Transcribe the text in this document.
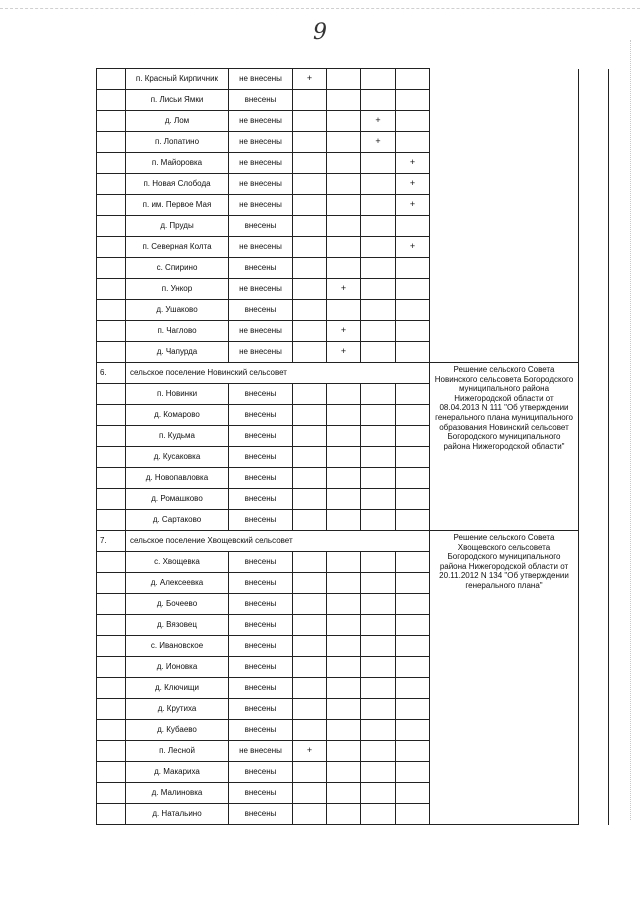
9
	п. Красный Кирпичник	не внесены	+					
	п. Лисьи Ямки	внесены						
	д. Лом	не внесены			+			
	п. Лопатино	не внесены			+			
	п. Майоровка	не внесены				+		
	п. Новая Слобода	не внесены				+		
	п. им. Первое Мая	не внесены				+		
	д. Пруды	внесены						
	п. Северная Колта	не внесены				+		
	с. Спирино	внесены						
	п. Ункор	не внесены		+				
	д. Ушаково	внесены						
	п. Чаглово	не внесены		+				
	д. Чапурда	не внесены		+				
6.	сельское поселение Новинский сельсовет						Решение сельского Совета Новинского сельсовета Богородского муниципального района Нижегородской области от 08.04.2013 N 111 "Об утверждении генерального плана муниципального образования Новинский сельсовет Богородского муниципального района Нижегородской области"	
	п. Новинки	внесены						
	д. Комарово	внесены						
	п. Кудьма	внесены						
	д. Кусаковка	внесены						
	д. Новопавловка	внесены						
	д. Ромашково	внесены						
	д. Сартаково	внесены						
7.	сельское поселение Хвощевский сельсовет						Решение сельского Совета Хвощевского сельсовета Богородского муниципального района Нижегородской области от 20.11.2012 N 134 "Об утверждении генерального плана"	
	с. Хвощевка	внесены						
	д. Алексеевка	внесены						
	д. Бочеево	внесены						
	д. Вязовец	внесены						
	с. Ивановское	внесены						
	д. Ионовка	внесены						
	д. Ключищи	внесены						
	д. Крутиха	внесены						
	д. Кубаево	внесены						
	п. Лесной	не внесены	+					
	д. Макариха	внесены						
	д. Малиновка	внесены						
	д. Натальино	внесены						
